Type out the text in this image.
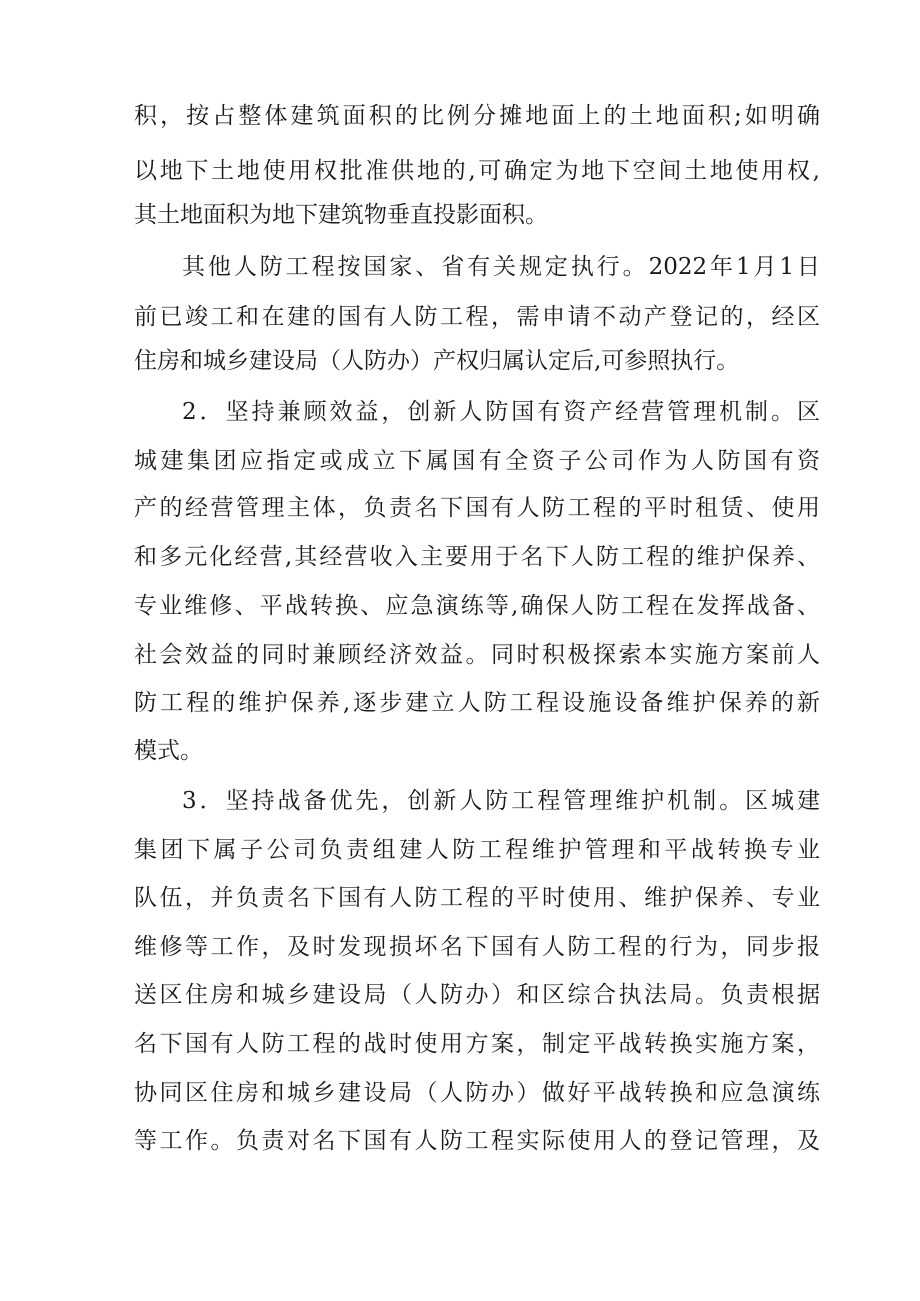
积，按占整体建筑面积的比例分摊地面上的土地面积;如明确
以地下土地使用权批准供地的,可确定为地下空间土地使用权,
其土地面积为地下建筑物垂直投影面积。
其他人防工程按国家、省有关规定执行。2022年1月1日
前已竣工和在建的国有人防工程，需申请不动产登记的，经区
住房和城乡建设局（人防办）产权归属认定后,可参照执行。
2．坚持兼顾效益，创新人防国有资产经营管理机制。区
城建集团应指定或成立下属国有全资子公司作为人防国有资
产的经营管理主体，负责名下国有人防工程的平时租赁、使用
和多元化经营,其经营收入主要用于名下人防工程的维护保养、
专业维修、平战转换、应急演练等,确保人防工程在发挥战备、
社会效益的同时兼顾经济效益。同时积极探索本实施方案前人
防工程的维护保养,逐步建立人防工程设施设备维护保养的新
模式。
3．坚持战备优先，创新人防工程管理维护机制。区城建
集团下属子公司负责组建人防工程维护管理和平战转换专业
队伍，并负责名下国有人防工程的平时使用、维护保养、专业
维修等工作，及时发现损坏名下国有人防工程的行为，同步报
送区住房和城乡建设局（人防办）和区综合执法局。负责根据
名下国有人防工程的战时使用方案，制定平战转换实施方案，
协同区住房和城乡建设局（人防办）做好平战转换和应急演练
等工作。负责对名下国有人防工程实际使用人的登记管理，及
